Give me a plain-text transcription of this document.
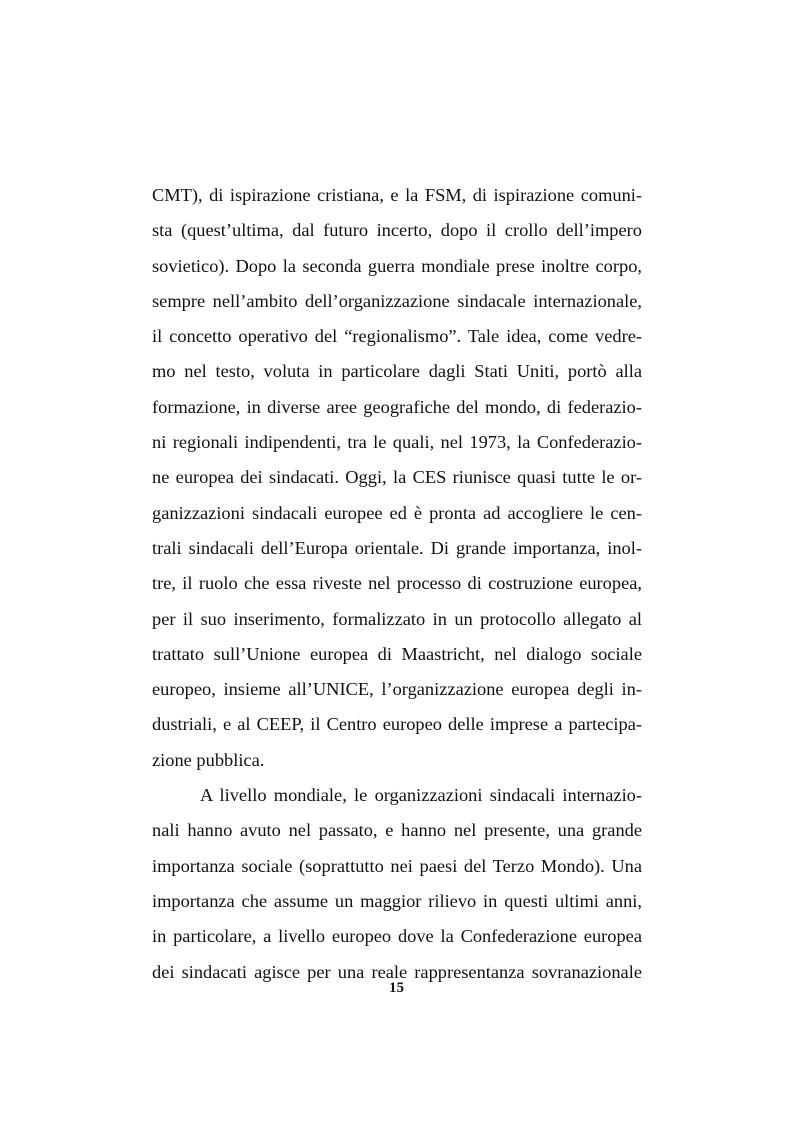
CMT), di ispirazione cristiana, e la FSM, di ispirazione comuni-
sta (quest’ultima, dal futuro incerto, dopo il crollo dell’impero
sovietico). Dopo la seconda guerra mondiale prese inoltre corpo,
sempre nell’ambito dell’organizzazione sindacale internazionale,
il concetto operativo del “regionalismo”. Tale idea, come vedre-
mo nel testo, voluta in particolare dagli Stati Uniti, portò alla
formazione, in diverse aree geografiche del mondo, di federazio-
ni regionali indipendenti, tra le quali, nel 1973, la Confederazio-
ne europea dei sindacati. Oggi, la CES riunisce quasi tutte le or-
ganizzazioni sindacali europee ed è pronta ad accogliere le cen-
trali sindacali dell’Europa orientale. Di grande importanza, inol-
tre, il ruolo che essa riveste nel processo di costruzione europea,
per il suo inserimento, formalizzato in un protocollo allegato al
trattato sull’Unione europea di Maastricht, nel dialogo sociale
europeo, insieme all’UNICE, l’organizzazione europea degli in-
dustriali, e al CEEP, il Centro europeo delle imprese a partecipa-
zione pubblica.
A livello mondiale, le organizzazioni sindacali internazio-
nali hanno avuto nel passato, e hanno nel presente, una grande
importanza sociale (soprattutto nei paesi del Terzo Mondo). Una
importanza che assume un maggior rilievo in questi ultimi anni,
in particolare, a livello europeo dove la Confederazione europea
dei sindacati agisce per una reale rappresentanza sovranazionale
15
